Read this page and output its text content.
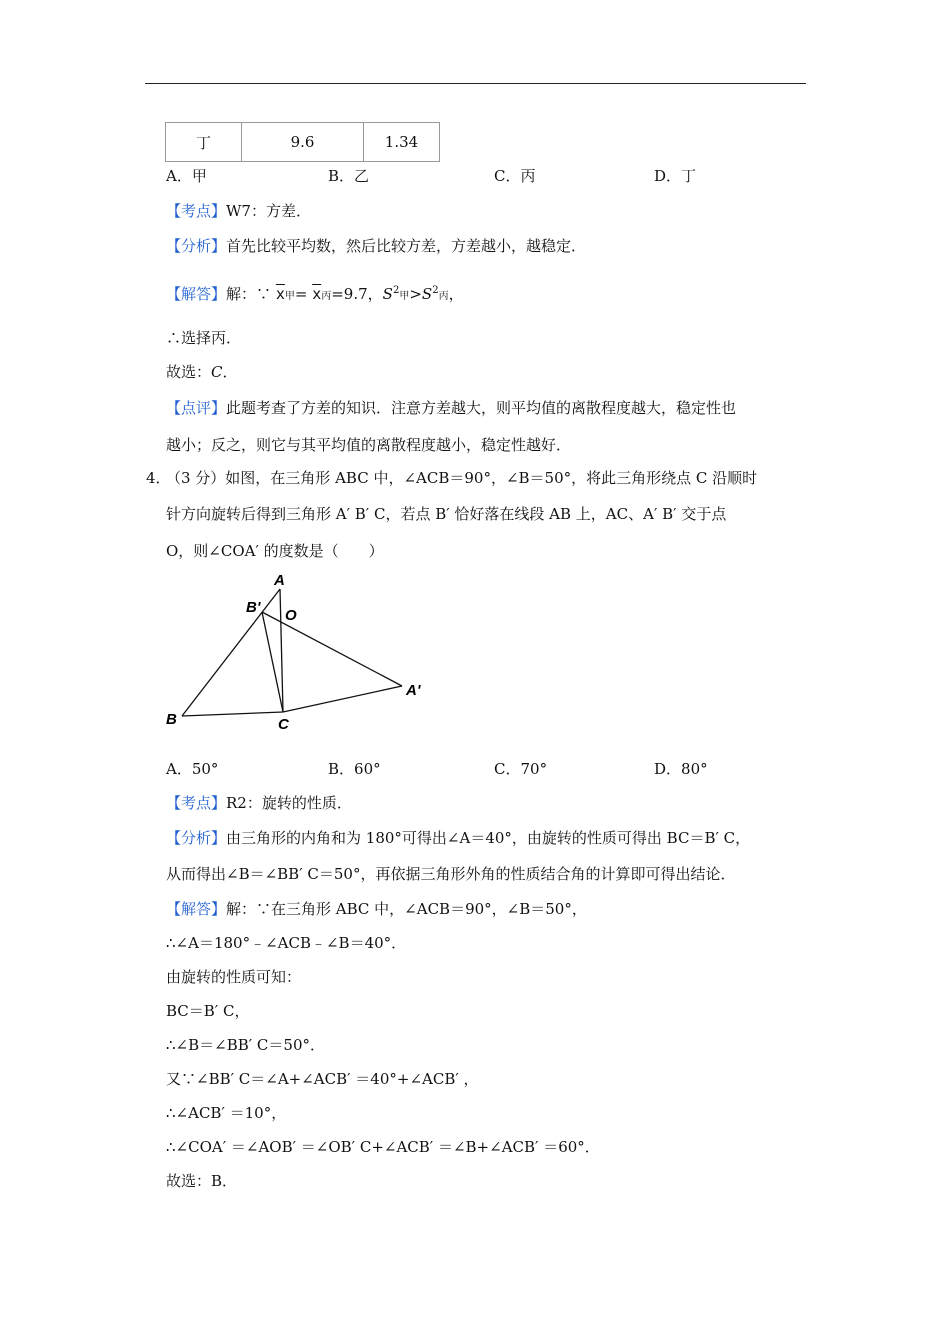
丁	9.6	1.34
A．甲	B．乙	C．丙	D．丁
【考点】W7：方差．
【分析】首先比较平均数，然后比较方差，方差越小，越稳定．
【解答】解：∵ $\overline{x}$甲= $\overline{x}$丙=9.7，$S^2$甲$>S^2$丙，
∴选择丙．
故选：C．
【点评】此题考查了方差的知识．注意方差越大，则平均值的离散程度越大，稳定性也
越小；反之，则它与其平均值的离散程度越小，稳定性越好．
4．
（3 分）如图，在三角形 ABC 中，∠ACB＝90°，∠B＝50°，将此三角形绕点 C 沿顺时
针方向旋转后得到三角形 A′ B′ C，若点 B′ 恰好落在线段 AB 上，AC、A′ B′ 交于点
O，则∠COA′ 的度数是（　　）
A
B	C
B' O
A'
A．50°	B．60°	C．70°	D．80°
【考点】R2：旋转的性质．
【分析】由三角形的内角和为 180°可得出∠A＝40°，由旋转的性质可得出 BC＝B′ C，
从而得出∠B＝∠BB′ C＝50°，再依据三角形外角的性质结合角的计算即可得出结论．
【解答】解：∵在三角形 ABC 中，∠ACB＝90°，∠B＝50°，
∴∠A＝180°﹣∠ACB﹣∠B＝40°．
由旋转的性质可知：
BC＝B′ C，
∴∠B＝∠BB′ C＝50°．
又∵∠BB′ C＝∠A+∠ACB′ ＝40°+∠ACB′ ，
∴∠ACB′ ＝10°，
∴∠COA′ ＝∠AOB′ ＝∠OB′ C+∠ACB′ ＝∠B+∠ACB′ ＝60°．
故选：B．
